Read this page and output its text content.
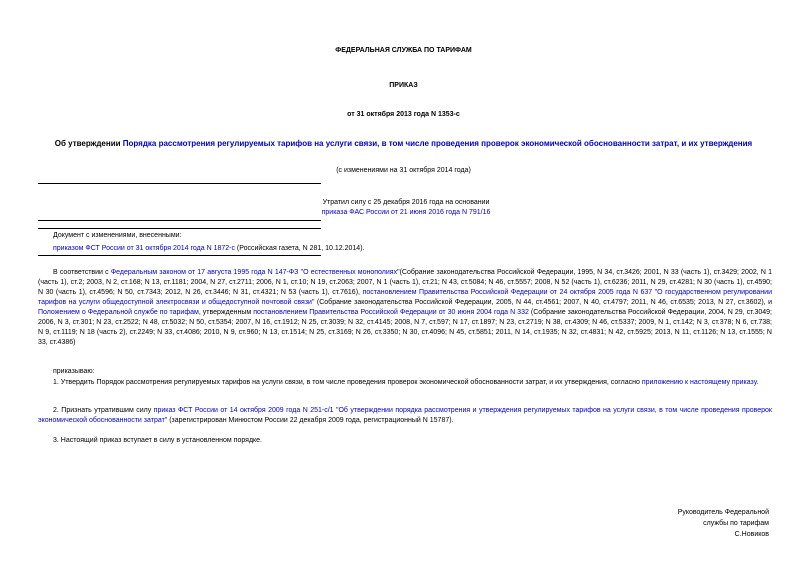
ФЕДЕРАЛЬНАЯ СЛУЖБА ПО ТАРИФАМ
ПРИКАЗ
от 31 октября 2013 года N 1353-с
Об утверждении Порядка рассмотрения регулируемых тарифов на услуги связи, в том числе проведения проверок экономической обоснованности затрат, и их утверждения
(с изменениями на 31 октября 2014 года)
Утратил силу с 25 декабря 2016 года на основании
приказа ФАС России от 21 июня 2016 года N 791/16
Документ с изменениями, внесенными:
приказом ФСТ России от 31 октября 2014 года N 1872-с (Российская газета, N 281, 10.12.2014).
В соответствии с Федеральным законом от 17 августа 1995 года N 147-ФЗ "О естественных монополиях"(Собрание законодательства Российской Федерации, 1995, N 34, ст.3426; 2001, N 33 (часть 1), ст.3429; 2002, N 1 (часть 1), ст.2; 2003, N 2, ст.168; N 13, ст.1181; 2004, N 27, ст.2711; 2006, N 1, ст.10; N 19, ст.2063; 2007, N 1 (часть 1), ст.21; N 43, ст.5084; N 46, ст.5557; 2008, N 52 (часть 1), ст.6236; 2011, N 29, ст.4281; N 30 (часть 1), ст.4590; N 30 (часть 1), ст.4596; N 50, ст.7343; 2012, N 26, ст.3446; N 31, ст.4321; N 53 (часть 1), ст.7616), постановлением Правительства Российской Федерации от 24 октября 2005 года N 637 "О государственном регулировании тарифов на услуги общедоступной электросвязи и общедоступной почтовой связи" (Собрание законодательства Российской Федерации, 2005, N 44, ст.4561; 2007, N 40, ст.4797; 2011, N 46, ст.6535; 2013, N 27, ст.3602), и Положением о Федеральной службе по тарифам, утвержденным постановлением Правительства Российской Федерации от 30 июня 2004 года N 332 (Собрание законодательства Российской Федерации, 2004, N 29, ст.3049; 2006, N 3, ст.301; N 23, ст.2522; N 48, ст.5032; N 50, ст.5354; 2007, N 16, ст.1912; N 25, ст.3039; N 32, ст.4145; 2008, N 7, ст.597; N 17, ст.1897; N 23, ст.2719; N 38, ст.4309; N 46, ст.5337; 2009, N 1, ст.142; N 3, ст.378; N 6, ст.738; N 9, ст.1119; N 18 (часть 2), ст.2249; N 33, ст.4086; 2010, N 9, ст.960; N 13, ст.1514; N 25, ст.3169; N 26, ст.3350; N 30, ст.4096; N 45, ст.5851; 2011, N 14, ст.1935; N 32, ст.4831; N 42, ст.5925; 2013, N 11, ст.1126; N 13, ст.1555; N 33, ст.4386)
приказываю:
1. Утвердить Порядок рассмотрения регулируемых тарифов на услуги связи, в том числе проведения проверок экономической обоснованности затрат, и их утверждения, согласно приложению к настоящему приказу.
2. Признать утратившим силу приказ ФСТ России от 14 октября 2009 года N 251-с/1 "Об утверждении порядка рассмотрения и утверждения регулируемых тарифов на услуги связи, в том числе проведения проверок экономической обоснованности затрат" (зарегистрирован Минюстом России 22 декабря 2009 года, регистрационный N 15787).
3. Настоящий приказ вступает в силу в установленном порядке.
Руководитель Федеральной
службы по тарифам
С.Новиков
